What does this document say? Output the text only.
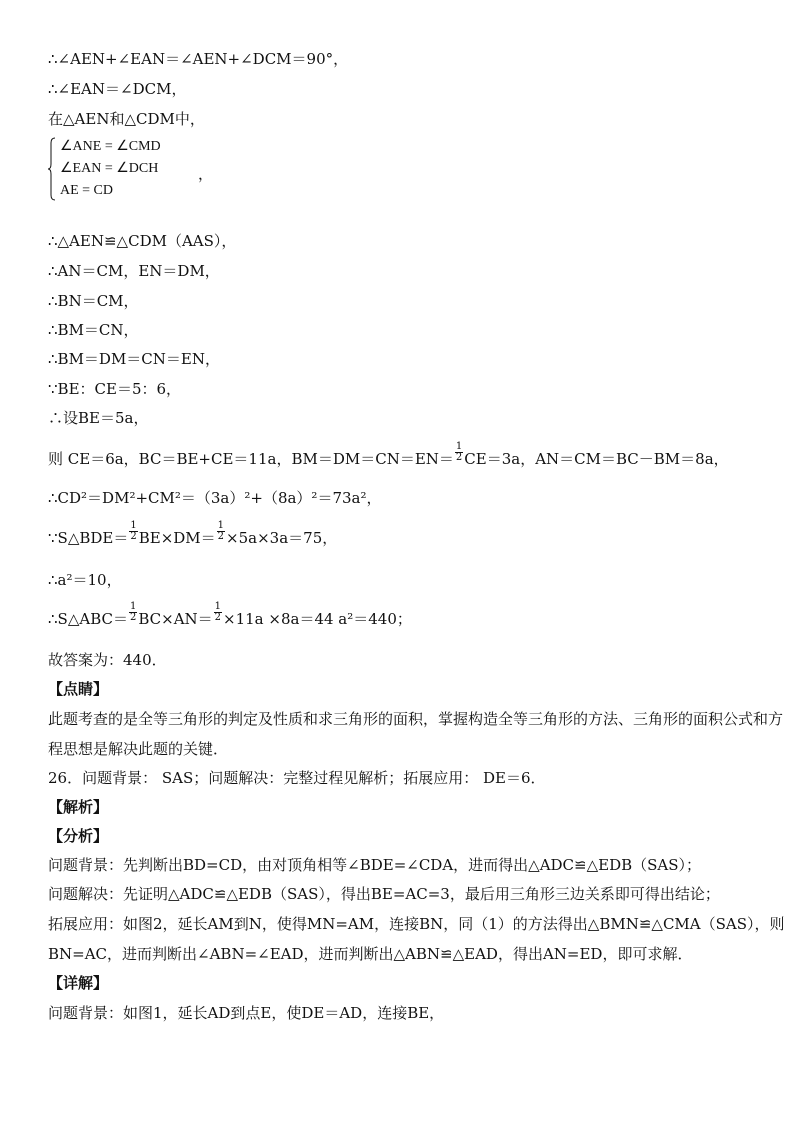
∴∠AEN+∠EAN＝∠AEN+∠DCM＝90°，
∴∠EAN＝∠DCM，
在△AEN和△CDM中，
∠ANE = ∠CMD
∠EAN = ∠DCH
AE = CD
，
∴△AEN≌△CDM（AAS），
∴AN＝CM，EN＝DM，
∴BN＝CM，
∴BM＝CN，
∴BM＝DM＝CN＝EN，
∵BE：CE＝5：6，
∴设BE＝5a，
则 CE＝6a，BC＝BE+CE＝11a，$BM=DM=CN=EN= \frac{1}{2} CE=3a$，AN＝CM＝BC－BM＝8a，
∴CD²＝DM²+CM²＝（3a）²+（8a）²＝73a²，
∵S△BDE＝ $\frac{1}{2} BE\times DM= \frac{1}{2} \times 5a\times 3a=75$，
∴a²＝10，
∴S△ABC＝ $\frac{1}{2} BC\times AN= \frac{1}{2} \times 11a \times 8a=44$ a²＝440；
故答案为：440．
【点睛】
此题考查的是全等三角形的判定及性质和求三角形的面积，掌握构造全等三角形的方法、三角形的面积公式和方
程思想是解决此题的关键．
26．问题背景： SAS；问题解决：完整过程见解析；拓展应用： DE＝6．
【解析】
【分析】
问题背景：先判断出BD=CD，由对顶角相等∠BDE=∠CDA，进而得出△ADC≌△EDB（SAS）；
问题解决：先证明△ADC≌△EDB（SAS），得出BE=AC=3，最后用三角形三边关系即可得出结论；
拓展应用：如图2，延长AM到N，使得MN=AM，连接BN，同（1）的方法得出△BMN≌△CMA（SAS），则
BN=AC，进而判断出∠ABN=∠EAD，进而判断出△ABN≌△EAD，得出AN=ED，即可求解．
【详解】
问题背景：如图1，延长AD到点E，使DE＝AD，连接BE，
